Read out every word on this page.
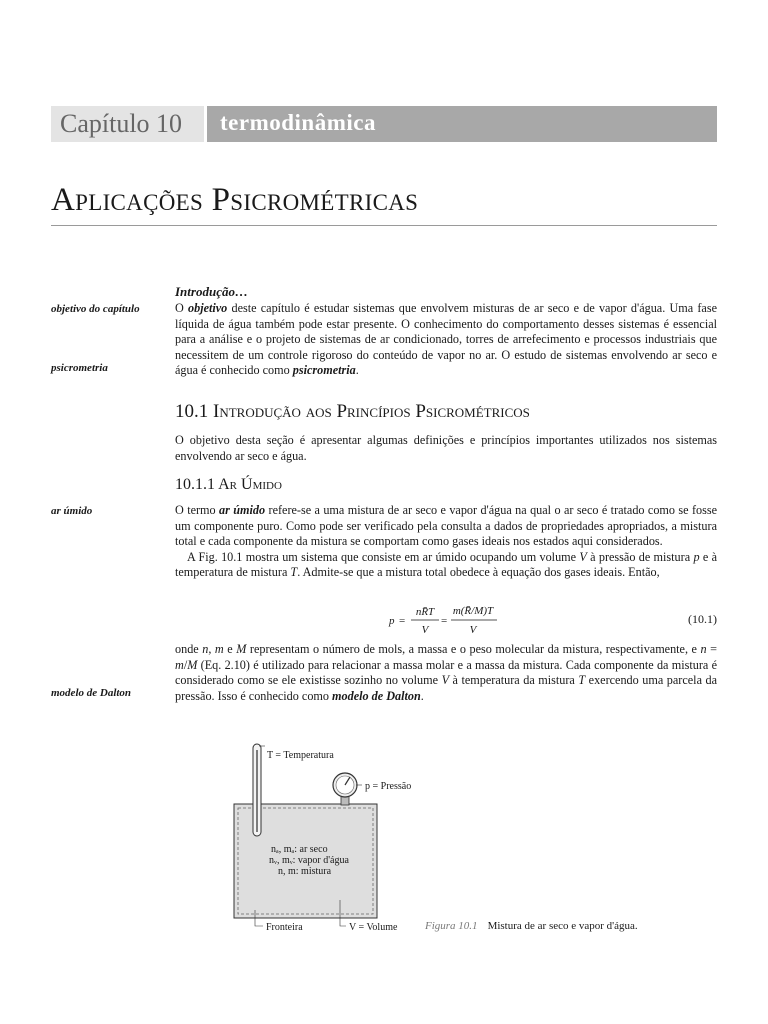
Capítulo 10	termodinâmica
Aplicações Psicrométricas
Introdução…
objetivo do capítulo
psicrometria

O objetivo deste capítulo é estudar sistemas que envolvem misturas de ar seco e de vapor d'água. Uma fase líquida de água também pode estar presente. O conhecimento do comportamento desses sistemas é essencial para a análise e o projeto de sistemas de ar condicionado, torres de arrefecimento e processos industriais que necessitem de um controle rigoroso do conteúdo de vapor no ar. O estudo de sistemas envolvendo ar seco e água é conhecido como psicrometria.

10.1 Introdução aos Princípios Psicrométricos

O objetivo desta seção é apresentar algumas definições e princípios importantes utilizados nos sistemas envolvendo ar seco e água.

10.1.1 Ar Úmido
ar úmido	O termo ar úmido refere-se a uma mistura de ar seco e vapor d'água na qual o ar seco é tratado como se fosse um componente puro. Como pode ser verificado pela consulta a dados de propriedades apropriados, a mistura total e cada componente da mistura se comportam como gases ideais nos estados aqui considerados.

A Fig. 10.1 mostra um sistema que consiste em ar úmido ocupando um volume V à pressão de mistura p e à temperatura de mistura T. Admite-se que a mistura total obedece à equação dos gases ideais. Então,

p =
nR̄T
V
=
m(R̄/M)T
V
(10.1)
modelo de Dalton

onde n, m e M representam o número de mols, a massa e o peso molecular da mistura, respectivamente, e n = m/M (Eq. 2.10) é utilizado para relacionar a massa molar e a massa da mistura. Cada componente da mistura é considerado como se ele existisse sozinho no volume V à temperatura da mistura T exercendo uma parcela da pressão. Isso é conhecido como modelo de Dalton.

T = Temperatura
p = Pressão
nₐ, mₐ: ar seco
nᵥ, mᵥ: vapor d'água
n, m: mistura
Fronteira	V = Volume	Figura 10.1 Mistura de ar seco e vapor d'água.
